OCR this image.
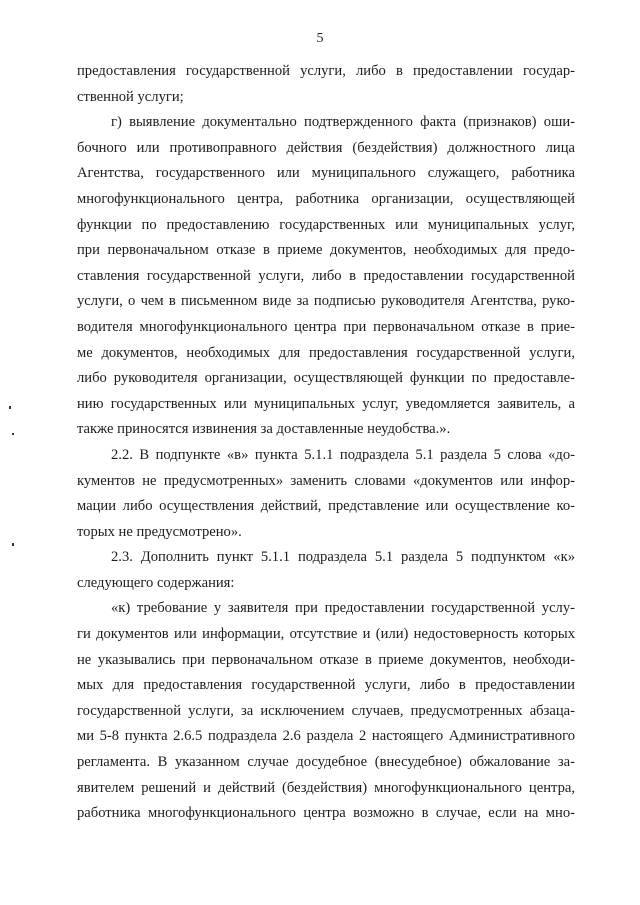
5
предоставления государственной услуги, либо в предоставлении государ-
ственной услуги;
г) выявление документально подтвержденного факта (признаков) оши-
бочного или противоправного действия (бездействия) должностного лица
Агентства, государственного или муниципального служащего, работника
многофункционального центра, работника организации, осуществляющей
функции по предоставлению государственных или муниципальных услуг,
при первоначальном отказе в приеме документов, необходимых для предо-
ставления государственной услуги, либо в предоставлении государственной
услуги, о чем в письменном виде за подписью руководителя Агентства, руко-
водителя многофункционального центра при первоначальном отказе в прие-
ме документов, необходимых для предоставления государственной услуги,
либо руководителя организации, осуществляющей функции по предоставле-
нию государственных или муниципальных услуг, уведомляется заявитель, а
также приносятся извинения за доставленные неудобства.».
2.2. В подпункте «в» пункта 5.1.1 подраздела 5.1 раздела 5 слова «до-
кументов не предусмотренных» заменить словами «документов или инфор-
мации либо осуществления действий, представление или осуществление ко-
торых не предусмотрено».
2.3. Дополнить пункт 5.1.1 подраздела 5.1 раздела 5 подпунктом «к»
следующего содержания:
«к) требование у заявителя при предоставлении государственной услу-
ги документов или информации, отсутствие и (или) недостоверность которых
не указывались при первоначальном отказе в приеме документов, необходи-
мых для предоставления государственной услуги, либо в предоставлении
государственной услуги, за исключением случаев, предусмотренных абзаца-
ми 5-8 пункта 2.6.5 подраздела 2.6 раздела 2 настоящего Административного
регламента. В указанном случае досудебное (внесудебное) обжалование за-
явителем решений и действий (бездействия) многофункционального центра,
работника многофункционального центра возможно в случае, если на мно-
